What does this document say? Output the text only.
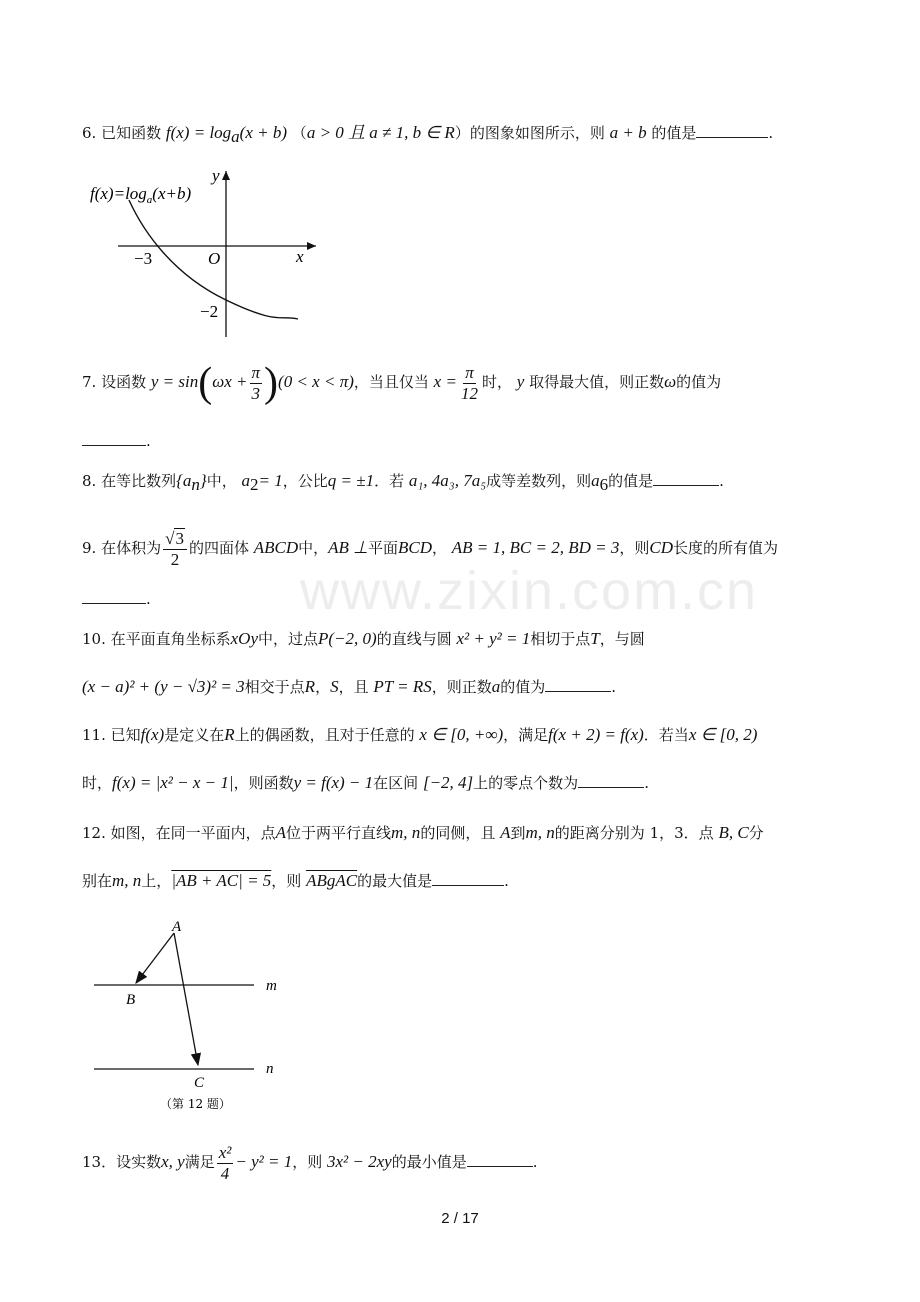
www.zixin.com.cn
6. 已知函数 $f(x) = \log_a(x + b) (a > 0$ 且 a ≠ 1, b ∈ R）的图象如图所示，则 a + b 的值是	.
$f(x)=\log_a(x+b)$
y
x
O
−3
−2
7. 设函数 $y = \sin(\omega x + \frac{\pi}{3} )(0 < x < \pi)$，当且仅当 $x = \frac{\pi}{12}$ 时， y 取得最大值，则正数ω的值为
.
8. 在等比数列$\{a_n\}$中， $a_2= 1$，公比q = ±1．若 a₁, 4a₃, 7a₅成等差数列，则$a_6$的值是	.
9. 在体积为 $\frac{√3}{2}$ 的四面体 ABCD中，AB ⊥平面BCD， AB = 1, BC = 2, BD = 3，则CD长度的所有值为
.
10. 在平面直角坐标系xOy中，过点P(−2, 0)的直线与圆 x² + y² = 1相切于点T，与圆
(x − a)² + (y − √3)² = 3相交于点R，S，且 PT = RS，则正数a的值为	.
11. 已知f(x)是定义在R上的偶函数，且对于任意的 x ∈ [0, +∞)，满足f(x + 2) = f(x)．若当x ∈ [0, 2)
时，f(x) = |x² − x − 1|，则函数y = f(x) − 1在区间 [−2, 4]上的零点个数为	.
12. 如图，在同一平面内，点A位于两平行直线m, n的同侧，且 A到m, n的距离分别为 1，3．点 B, C分
别在m, n上，|AB + AC| = 5，则 ABgAC的最大值是	.
A
B
C
m
n
（第 12 题）
13．设实数x, y满足 $\frac{\text{x²}}{4} - y^2 = 1$，则 3x² − 2xy的最小值是	.
2 / 17
